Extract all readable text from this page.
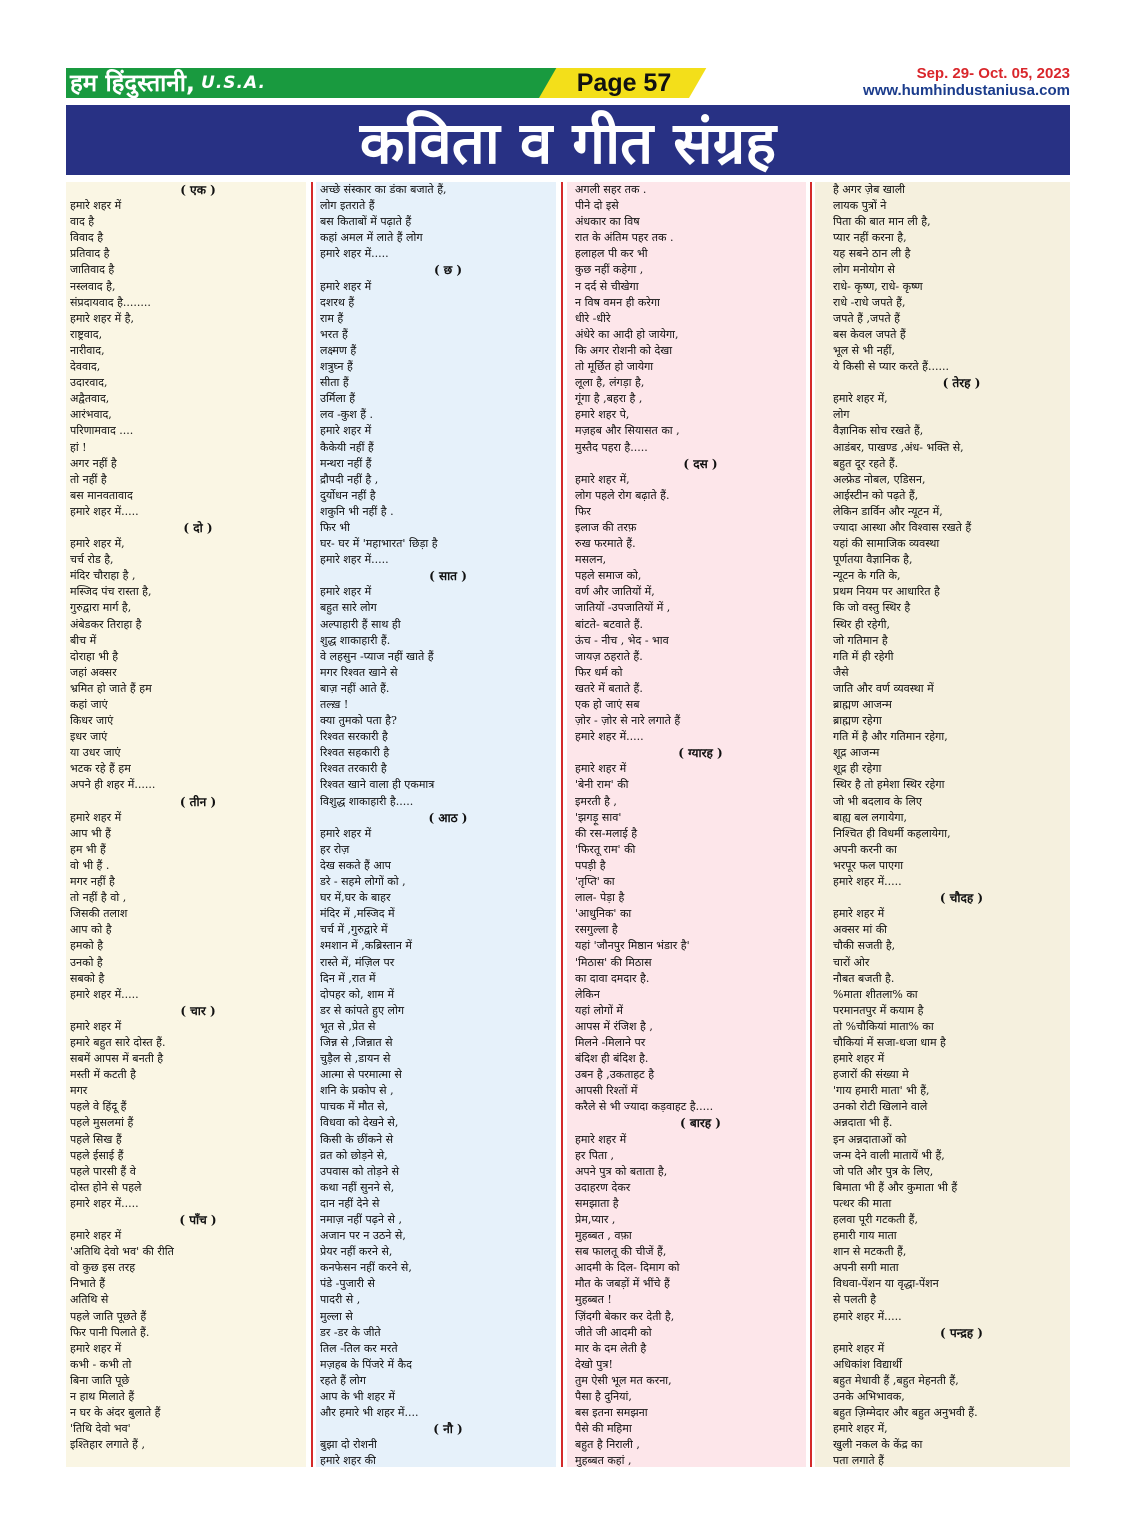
हम हिंदुस्तानी, U.S.A.	Page 57	Sep. 29- Oct. 05, 2023
www.humhindustaniusa.com
कविता व गीत संग्रह
( एक )
हमारे शहर में
वाद है
विवाद है
प्रतिवाद है
जातिवाद है
नस्लवाद है,
संप्रदायवाद है........
हमारे शहर में है,
राष्ट्रवाद,
नारीवाद,
देववाद,
उदारवाद,
अद्वैतवाद,
आरंभवाद,
परिणामवाद ....
हां !
अगर नहीं है
तो नहीं है
बस मानवतावाद
हमारे शहर में.....
( दो )
हमारे शहर में,
चर्च रोड है,
मंदिर चौराहा है ,
मस्जिद पंच रास्ता है,
गुरुद्वारा मार्ग है,
अंबेडकर तिराहा है
बीच में
दोराहा भी है
जहां अक्सर
भ्रमित हो जाते हैं हम
कहां जाएं
किधर जाएं
इधर जाएं
या उधर जाएं
भटक रहे हैं हम
अपने ही शहर में......
( तीन )
हमारे शहर में
आप भी हैं
हम भी हैं
वो भी हैं .
मगर नहीं है
तो नहीं है वो ,
जिसकी तलाश
आप को है
हमको है
उनको है
सबको है
हमारे शहर में.....
( चार )
हमारे शहर में
हमारे बहुत सारे दोस्त हैं.
सबमें आपस में बनती है
मस्ती में कटती है
मगर
पहले वे हिंदू हैं
पहले मुसलमां हैं
पहले सिख हैं
पहले ईसाई हैं
पहले पारसी हैं वे
दोस्त होने से पहले
हमारे शहर में.....
( पाँच )
हमारे शहर में
'अतिथि देवो भव' की रीति
वो कुछ इस तरह
निभाते हैं
अतिथि से
पहले जाति पूछते हैं
फिर पानी पिलाते हैं.
हमारे शहर में
कभी - कभी तो
बिना जाति पूछे
न हाथ मिलाते हैं
न घर के अंदर बुलाते हैं
'तिथि देवो भव'
इश्तिहार लगाते हैं ,
अच्छे संस्कार का डंका बजाते हैं,
लोग इतराते हैं
बस किताबों में पढ़ाते हैं
कहां अमल में लाते हैं लोग
हमारे शहर में.....
( छ )
हमारे शहर में
दशरथ हैं
राम हैं
भरत हैं
लक्ष्मण हैं
शत्रुघ्न हैं
सीता हैं
उर्मिला हैं
लव -कुश हैं .
हमारे शहर में
कैकेयी नहीं हैं
मन्थरा नहीं हैं
द्रौपदी नहीं है ,
दुर्योधन नहीं है
शकुनि भी नहीं है .
फिर भी
घर- घर में 'महाभारत' छिड़ा है
हमारे शहर में.....
( सात )
हमारे शहर में
बहुत सारे लोग
अल्पाहारी हैं साथ ही
शुद्ध शाकाहारी हैं.
वे लहसुन -प्याज नहीं खाते हैं
मगर रिश्वत खाने से
बाज़ नहीं आते हैं.
तल्ख़ !
क्या तुमको पता है?
रिश्वत सरकारी है
रिश्वत सहकारी है
रिश्वत तरकारी है
रिश्वत खाने वाला ही एकमात्र
विशुद्ध शाकाहारी है.....
( आठ )
हमारे शहर में
हर रोज़
देख सकते हैं आप
डरे - सहमे लोगों को ,
घर में,घर के बाहर
मंदिर में ,मस्जिद में
चर्च में ,गुरुद्वारे में
श्मशान में ,कब्रिस्तान में
रास्ते में, मंज़िल पर
दिन में ,रात में
दोपहर को, शाम में
डर से कांपते हुए लोग
भूत से ,प्रेत से
जिन्न से ,जिन्नात से
चुड़ैल से ,डायन से
आत्मा से परमात्मा से
शनि के प्रकोप से ,
पाचक में मौत से,
विधवा को देखने से,
किसी के छींकने से
व्रत को छोड़ने से,
उपवास को तोड़ने से
कथा नहीं सुनने से,
दान नहीं देने से
नमाज़ नहीं पढ़ने से ,
अजान पर न उठने से,
प्रेयर नहीं करने से,
कनफेसन नहीं करने से,
पंडे -पुजारी से
पादरी से ,
मुल्ला से
डर -डर के जीते
तिल -तिल कर मरते
मज़हब के पिंजरे में कैद
रहते हैं लोग
आप के भी शहर में
और हमारे भी शहर में....
( नौ )
बुझा दो रोशनी
हमारे शहर की
अगली सहर तक .
पीने दो इसे
अंधकार का विष
रात के अंतिम पहर तक .
हलाहल पी कर भी
कुछ नहीं कहेगा ,
न दर्द से चीखेगा
न विष वमन ही करेगा
धीरे -धीरे
अंधेरे का आदी हो जायेगा,
कि अगर रोशनी को देखा
तो मूर्छित हो जायेगा
लूला है, लंगड़ा है,
गूंगा है ,बहरा है ,
हमारे शहर पे,
मज़हब और सियासत का ,
मुस्तैद पहरा है.....
( दस )
हमारे शहर में,
लोग पहले रोग बढ़ाते हैं.
फिर
इलाज की तरफ़
रुख फरमाते हैं.
मसलन,
पहले समाज को,
वर्ण और जातियों में,
जातियों -उपजातियों में ,
बांटते- बटवाते हैं.
ऊंच - नीच , भेद - भाव
जायज़ ठहराते हैं.
फिर धर्म को
खतरे में बताते हैं.
एक हो जाएं सब
ज़ोर - ज़ोर से नारे लगाते हैं
हमारे शहर में.....
( ग्यारह )
हमारे शहर में
'बेनी राम' की
इमरती है ,
'झगड़ू साव'
की रस-मलाई है
'फिरतू राम' की
पपड़ी है
'तृप्ति' का
लाल- पेड़ा है
'आधुनिक' का
रसगुल्ला है
यहां 'जौनपुर मिष्ठान भंडार है'
'मिठास' की मिठास
का दावा दमदार है.
लेकिन
यहां लोगों में
आपस में रंजिश है ,
मिलने -मिलाने पर
बंदिश ही बंदिश है.
उबन है ,उकताहट है
आपसी रिश्तों में
करैले से भी ज्यादा कड़वाहट है.....
( बारह )
हमारे शहर में
हर पिता ,
अपने पुत्र को बताता है,
उदाहरण देकर
समझाता है
प्रेम,प्यार ,
मुहब्बत , वफ़ा
सब फालतू की चीजें हैं,
आदमी के दिल- दिमाग को
मौत के जबड़ों में भींचे हैं
मुहब्बत !
ज़िंदगी बेकार कर देती है,
जीते जी आदमी को
मार के दम लेती है
देखो पुत्र!
तुम ऐसी भूल मत करना,
पैसा है दुनियां,
बस इतना समझना
पैसे की महिमा
बहुत है निराली ,
मुहब्बत कहां ,
है अगर ज़ेब खाली
लायक पुत्रों ने
पिता की बात मान ली है,
प्यार नहीं करना है,
यह सबने ठान ली है
लोग मनोयोग से
राधे- कृष्ण, राधे- कृष्ण
राधे -राधे जपते हैं,
जपते हैं ,जपते हैं
बस केवल जपते हैं
भूल से भी नहीं,
ये किसी से प्यार करते हैं......
( तेरह )
हमारे शहर में,
लोग
वैज्ञानिक सोच रखते हैं,
आडंबर, पाखण्ड ,अंध- भक्ति से,
बहुत दूर रहते हैं.
अल्फ्रेड नोबल, एडिसन,
आईस्टीन को पढ़ते हैं,
लेकिन डार्विन और न्यूटन में,
ज्यादा आस्था और विश्वास रखते हैं
यहां की सामाजिक व्यवस्था
पूर्णतया वैज्ञानिक है,
न्यूटन के गति के,
प्रथम नियम पर आधारित है
कि जो वस्तु स्थिर है
स्थिर ही रहेगी,
जो गतिमान है
गति में ही रहेगी
जैसे
जाति और वर्ण व्यवस्था में
ब्राह्मण आजन्म
ब्राह्मण रहेगा
गति में है और गतिमान रहेगा,
शूद्र आजन्म
शूद्र ही रहेगा
स्थिर है तो हमेशा स्थिर रहेगा
जो भी बदलाव के लिए
बाह्य बल लगायेगा,
निश्चित ही विधर्मी कहलायेगा,
अपनी करनी का
भरपूर फल पाएगा
हमारे शहर में.....
( चौदह )
हमारे शहर में
अक्सर मां की
चौकी सजती है,
चारों ओर
नौबत बजती है.
%माता शीतला% का
परमानतपुर में कयाम है
तो %चौकियां माता% का
चौकियां में सजा-धजा धाम है
हमारे शहर में
हजारों की संख्या मे
'गाय हमारी माता' भी हैं,
उनको रोटी खिलाने वाले
अन्नदाता भी हैं.
इन अन्नदाताओं को
जन्म देने वाली मातायें भी हैं,
जो पति और पुत्र के लिए,
बिमाता भी हैं और कुमाता भी हैं
पत्थर की माता
हलवा पूरी गटकती हैं,
हमारी गाय माता
शान से मटकती हैं,
अपनी सगी माता
विधवा-पेंशन या वृद्धा-पेंशन
से पलती है
हमारे शहर में.....
( पन्द्रह )
हमारे शहर में
अधिकांश विद्यार्थी
बहुत मेधावी हैं ,बहुत मेहनती हैं,
उनके अभिभावक,
बहुत ज़िम्मेदार और बहुत अनुभवी हैं.
हमारे शहर में,
खुली नकल के केंद्र का
पता लगाते हैं
